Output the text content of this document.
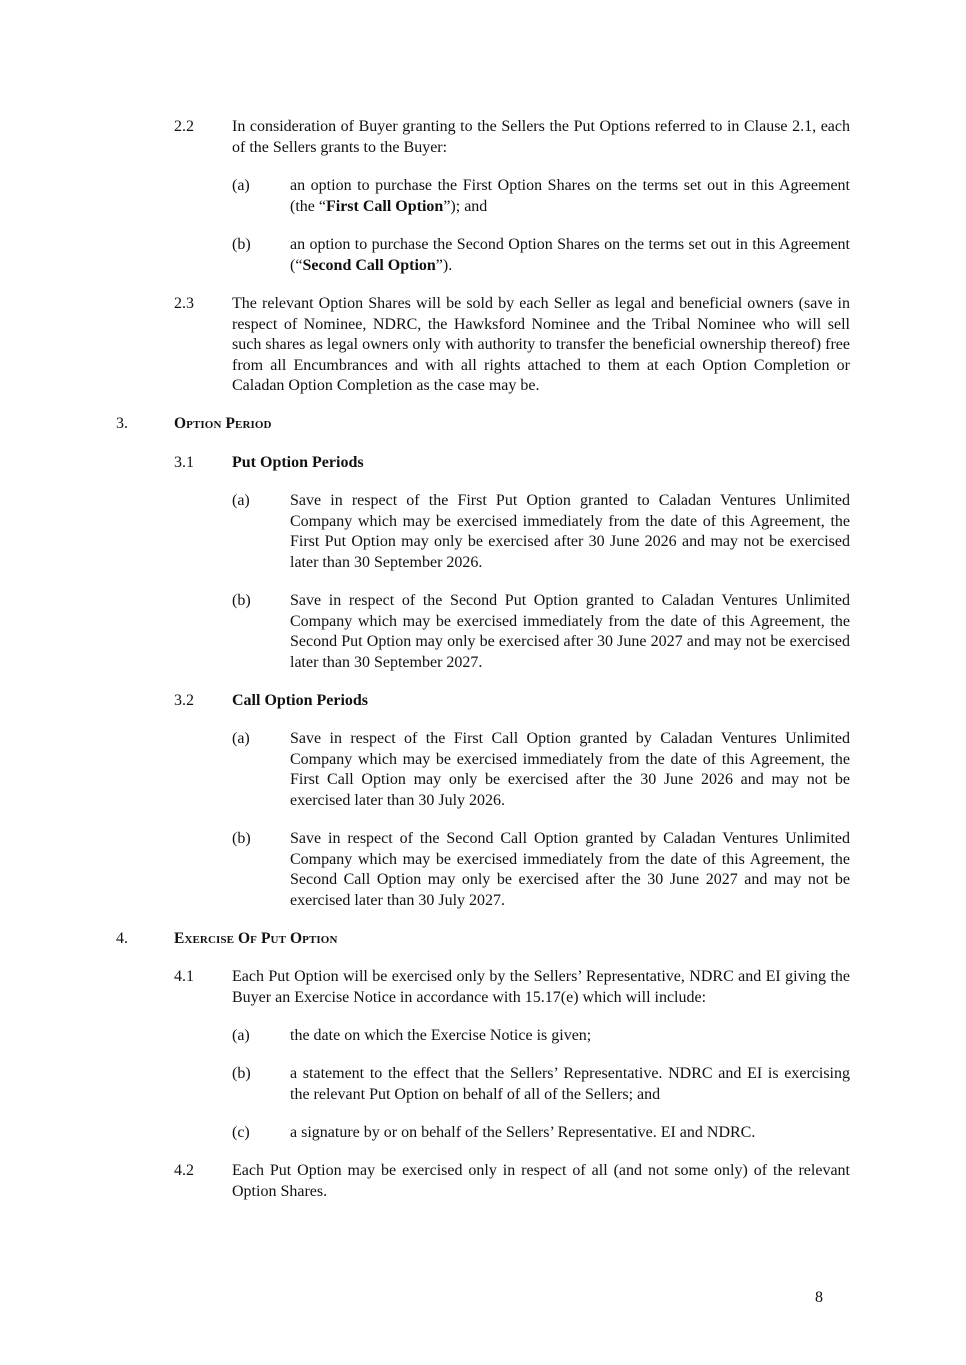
2.2 In consideration of Buyer granting to the Sellers the Put Options referred to in Clause 2.1, each of the Sellers grants to the Buyer:
(a)	an option to purchase the First Option Shares on the terms set out in this Agreement (the “First Call Option”); and
(b) an option to purchase the Second Option Shares on the terms set out in this Agreement (“Second Call Option”).
2.3 The relevant Option Shares will be sold by each Seller as legal and beneficial owners (save in respect of Nominee, NDRC, the Hawksford Nominee and the Tribal Nominee who will sell such shares as legal owners only with authority to transfer the beneficial ownership thereof) free from all Encumbrances and with all rights attached to them at each Option Completion or Caladan Option Completion as the case may be.
3.	Option Period
3.1 Put Option Periods
(a)	Save in respect of the First Put Option granted to Caladan Ventures Unlimited Company which may be exercised immediately from the date of this Agreement, the First Put Option may only be exercised after 30 June 2026 and may not be exercised later than 30 September 2026.
(b) Save in respect of the Second Put Option granted to Caladan Ventures Unlimited Company which may be exercised immediately from the date of this Agreement, the Second Put Option may only be exercised after 30 June 2027 and may not be exercised later than 30 September 2027.
3.2 Call Option Periods
(a)	Save in respect of the First Call Option granted by Caladan Ventures Unlimited Company which may be exercised immediately from the date of this Agreement, the First Call Option may only be exercised after the 30 June 2026 and may not be exercised later than 30 July 2026.
(b) Save in respect of the Second Call Option granted by Caladan Ventures Unlimited Company which may be exercised immediately from the date of this Agreement, the Second Call Option may only be exercised after the 30 June 2027 and may not be exercised later than 30 July 2027.
4.	Exercise Of Put Option
4.1 Each Put Option will be exercised only by the Sellers’ Representative, NDRC and EI giving the Buyer an Exercise Notice in accordance with 15.17(e) which will include:
(a)	the date on which the Exercise Notice is given;
(b) a statement to the effect that the Sellers’ Representative. NDRC and EI is exercising the relevant Put Option on behalf of all of the Sellers; and
(c)	a signature by or on behalf of the Sellers’ Representative. EI and NDRC.
4.2 Each Put Option may be exercised only in respect of all (and not some only) of the relevant Option Shares.
8
